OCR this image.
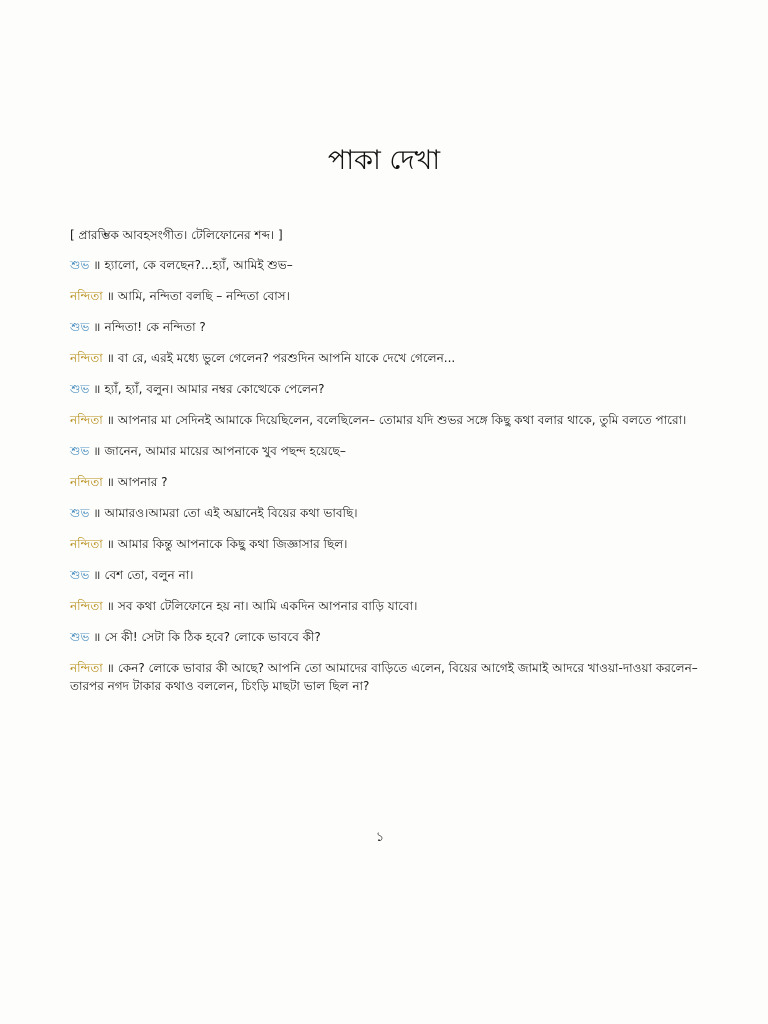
পাকা দেখা

[ প্রারম্ভিক আবহসংগীত। টেলিফোনের শব্দ। ]

শুভ ॥ হ্যালো, কে বলছেন?...হ্যাঁ, আমিই শুভ–

নন্দিতা ॥ আমি, নন্দিতা বলছি – নন্দিতা বোস।

শুভ ॥ নন্দিতা! কে নন্দিতা ?

নন্দিতা ॥ বা রে, এরই মধ্যে ভুলে গেলেন? পরশুদিন আপনি যাকে দেখে গেলেন...

শুভ ॥ হ্যাঁ, হ্যাঁ, বলুন। আমার নম্বর কোত্থেকে পেলেন?

নন্দিতা ॥ আপনার মা সেদিনই আমাকে দিয়েছিলেন, বলেছিলেন– তোমার যদি শুভর সঙ্গে কিছু কথা বলার থাকে, তুমি বলতে পারো।

শুভ ॥ জানেন, আমার মায়ের আপনাকে খুব পছন্দ হয়েছে–

নন্দিতা ॥ আপনার ?

শুভ ॥ আমারও।আমরা তো এই অঘ্রানেই বিয়ের কথা ভাবছি।

নন্দিতা ॥ আমার কিন্তু আপনাকে কিছু কথা জিজ্ঞাসার ছিল।

শুভ ॥ বেশ তো, বলুন না।

নন্দিতা ॥ সব কথা টেলিফোনে হয় না। আমি একদিন আপনার বাড়ি যাবো।

শুভ ॥ সে কী! সেটা কি ঠিক হবে? লোকে ভাববে কী?

নন্দিতা ॥ কেন? লোকে ভাবার কী আছে? আপনি তো আমাদের বাড়িতে এলেন, বিয়ের আগেই জামাই আদরে খাওয়া-দাওয়া করলেন– তারপর নগদ টাকার কথাও বললেন, চিংড়ি মাছটা ভাল ছিল না?

১
